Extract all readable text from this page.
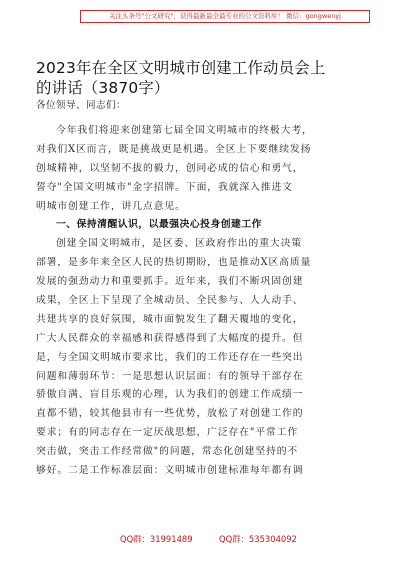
关注头条号"公文研究"，获得最新最全最专业的公文资料库！ 微信：gongwenyj
2023年在全区文明城市创建工作动员会上
的讲话（3870字）
各位领导、同志们：
今年我们将迎来创建第七届全国文明城市的终极大考，
对我们X区而言，既是挑战更是机遇。全区上下要继续发扬
创城精神，以坚韧不拔的毅力，创同必成的信心和勇气，
誓夺"全国文明城市"金字招牌。下面，我就深入推进文
明城市创建工作，讲几点意见。
一、保持清醒认识，以最强决心投身创建工作
创建全国文明城市，是区委、区政府作出的重大决策
部署，是多年来全区人民的热切期盼，也是推动X区高质量
发展的强劲动力和重要抓手。近年来，我们不断巩固创建
成果，全区上下呈现了全城动员、全民参与、人人动手、
共建共享的良好氛围，城市面貌发生了翻天覆地的变化，
广大人民群众的幸福感和获得感得到了大幅度的提升。但
是，与全国文明城市要求比，我们的工作还存在一些突出
问题和薄弱环节：一是思想认识层面：有的领导干部存在
骄傲自满、盲目乐观的心理，认为我们的创建工作成绩一
直都不错，较其他县市有一些优势，放松了对创建工作的
要求；有的同志存在一定厌战思想，广泛存在"平常工作
突击做，突击工作经常做"的问题，常态化创建坚持的不
够好。二是工作标准层面：文明城市创建标准每年都有调
QQ群：31991489	QQ群：535304092
